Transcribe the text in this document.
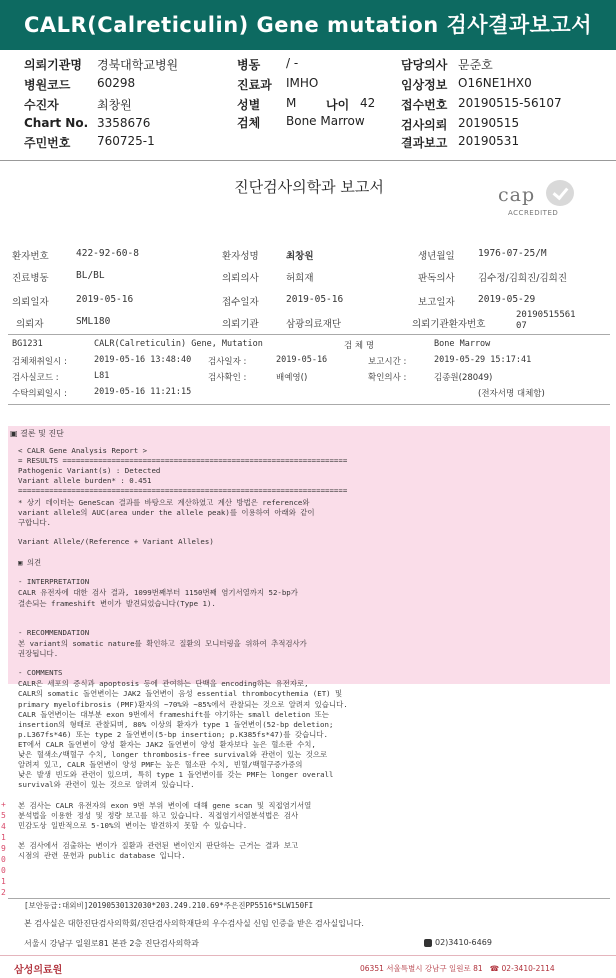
CALR(Calreticulin) Gene mutation 검사결과보고서
의뢰기관명 경북대학교병원
병원코드 60298
수진자	최창원
Chart No. 3358676
주민번호 760725-1
병동 / -
진료과 IMHO
성별 M 나이 42
검체 Bone Marrow
담당의사 문준호
임상정보 O16NE1HX0
접수번호 20190515-56107
검사의뢰 20190515
결과보고 20190531
진단검사의학과 보고서	cap
ACCREDITED
환자번호	422-92-60-8	환자성명	최창원	생년월일 1976-07-25/M
진료병동	BL/BL	의뢰의사	허희재	판독의사 김수정/김희진/김희진
의뢰일자	2019-05-16	접수일자	2019-05-16	보고일자 2019-05-29
의뢰자	SML180	의뢰기관	삼광의료재단	의뢰기관환자번호
2019051556107
BG1231	CALR(Calreticulin) Gene, Mutation	검 체 명	Bone Marrow
검체채취일시 :	2019-05-16 13:48:40 검사일자 :	2019-05-16	보고시간 :	2019-05-29 15:17:41
검사실코드 :	L81	검사확인 :	배예영()	확인의사 :	김종원(28049)
수탁의뢰일시 :	2019-05-16 11:21:15	(전자서명 대체함)
▣ 결론 및 진단
< CALR Gene Analysis Report >
= RESULTS ================================================================
Pathogenic Variant(s) : Detected
Variant allele burden* : 0.451
==========================================================================
* 상기 데이터는 GeneScan 결과를 바탕으로 계산하였고 계산 방법은 reference와
variant allele의 AUC(area under the allele peak)를 이용하여 아래와 같이
구합니다.
Variant Allele/(Reference + Variant Alleles)
▣ 의견
- INTERPRETATION
CALR 유전자에 대한 검사 결과, 1099번째부터 1150번째 염기서열까지 52-bp가
결손되는 frameshift 변이가 발견되었습니다(Type 1).
- RECOMMENDATION
본 variant의 somatic nature를 확인하고 질환의 모니터링을 위하여 추적검사가
권장됩니다.
- COMMENTS
CALR은 세포의 증식과 apoptosis 등에 관여하는 단백을 encoding하는 유전자로,
CALR의 somatic 돌연변이는 JAK2 돌연변이 음성 essential thrombocythemia (ET) 및
primary myelofibrosis (PMF)환자의 ~70%와 ~85%에서 관찰되는 것으로 알려져 있습니다.
CALR 돌연변이는 대부분 exon 9번에서 frameshift를 야기하는 small deletion 또는
insertion의 형태로 관찰되며, 80% 이상의 환자가 type 1 돌연변이(52-bp deletion;
p.L367fs*46) 또는 type 2 돌연변이(5-bp insertion; p.K385fs*47)를 갖습니다.
ET에서 CALR 돌연변이 양성 환자는 JAK2 돌연변이 양성 환자보다 높은 혈소판 수치,
낮은 혈색소/백혈구 수치, longer thrombosis-free survival와 관련이 있는 것으로
알려져 있고, CALR 돌연변이 양성 PMF는 높은 혈소판 수치, 빈혈/백혈구증가증의
낮은 발생 빈도와 관련이 있으며, 특히 type 1 돌연변이를 갖는 PMF는 longer overall
survival와 관련이 있는 것으로 알려져 있습니다.
본 검사는 CALR 유전자의 exon 9번 부위 변이에 대해 gene scan 및 직접염기서열
분석법을 이용한 정성 및 정량 보고를 하고 있습니다. 직접염기서열분석법은 검사
민감도상 일반적으로 5-10%의 변이는 발견하지 못할 수 있습니다.
본 검사에서 검출하는 변이가 질환과 관련된 변이인지 판단하는 근거는 결과 보고
시점의 관련 문헌과 public database 입니다.
[보안등급:대외비]20190530132030*203.249.210.69*주은진PP5516*SLW150FI
본 검사실은 대한진단검사의학회/진단검사의학재단의 우수검사실 신임 인증을 받은 검사실입니다.
서울시 강남구 일원로81 본관 2층 진단검사의학과	02)3410-6469
삼성의료원	06351 서울특별시 강남구 일원로 81 ☎ 02-3410-2114
+
5
4
1
9
0
0
1
2
